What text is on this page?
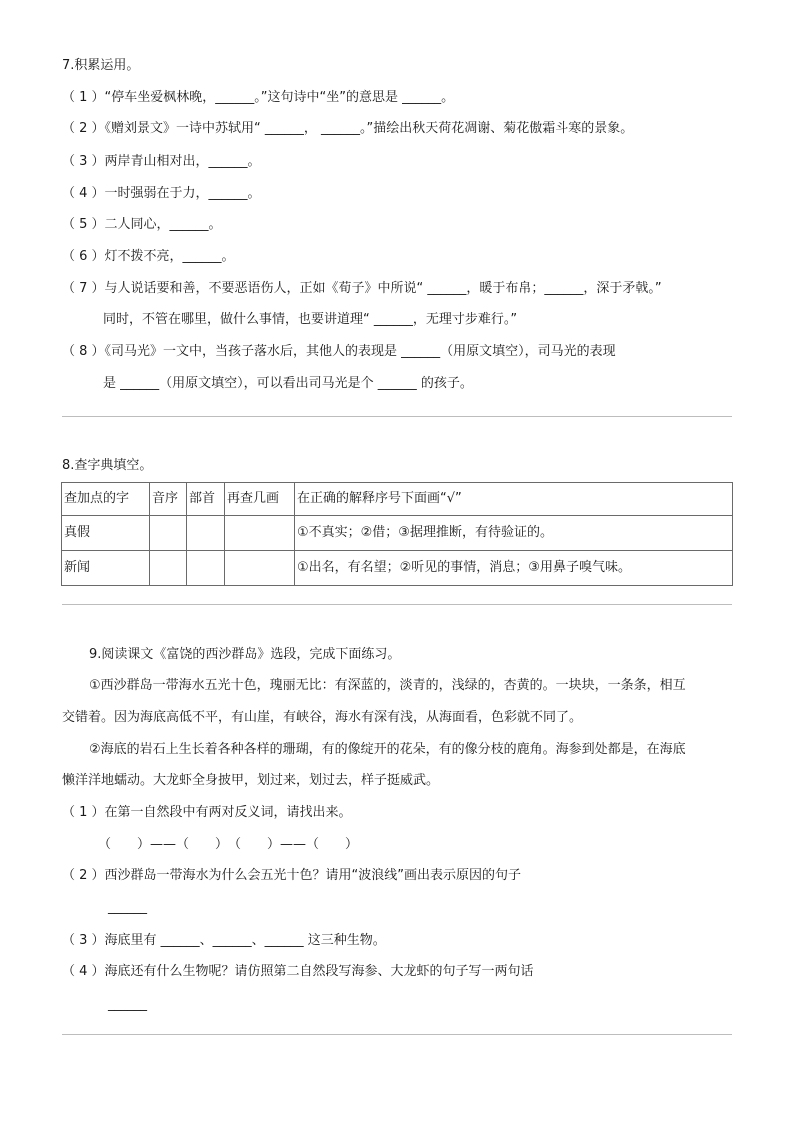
7.积累运用。
（ 1 ）“停车坐爱枫林晚，______。”这句诗中“坐”的意思是 ______。
（ 2 ）《赠刘景文》一诗中苏轼用“ ______， ______。”描绘出秋天荷花凋谢、菊花傲霜斗寒的景象。
（ 3 ）两岸青山相对出，______。
（ 4 ）一时强弱在于力，______。
（ 5 ）二人同心，______。
（ 6 ）灯不拨不亮，______。
（ 7 ）与人说话要和善，不要恶语伤人，正如《荀子》中所说“ ______，暖于布帛；______，深于矛戟。”
同时，不管在哪里，做什么事情，也要讲道理“ ______，无理寸步难行。”
（ 8 ）《司马光》一文中，当孩子落水后，其他人的表现是 ______（用原文填空），司马光的表现
是 ______（用原文填空），可以看出司马光是个 ______ 的孩子。
8.查字典填空。
查加点的字	音序	部首	再查几画	在正确的解释序号下面画“√”
真假				①不真实；②借；③据理推断，有待验证的。
新闻				①出名，有名望；②听见的事情，消息；③用鼻子嗅气味。
9.阅读课文《富饶的西沙群岛》选段，完成下面练习。
①西沙群岛一带海水五光十色，瑰丽无比：有深蓝的，淡青的，浅绿的，杏黄的。一块块，一条条，相互
交错着。因为海底高低不平，有山崖，有峡谷，海水有深有浅，从海面看，色彩就不同了。
②海底的岩石上生长着各种各样的珊瑚，有的像绽开的花朵，有的像分枝的鹿角。海参到处都是，在海底
懒洋洋地蠕动。大龙虾全身披甲，划过来，划过去，样子挺威武。
（ 1 ）在第一自然段中有两对反义词，请找出来。
（　　）——（　　）　（　　）——（　　）
（ 2 ）西沙群岛一带海水为什么会五光十色？请用“波浪线”画出表示原因的句子
______
（ 3 ）海底里有 ______、______、______ 这三种生物。
（ 4 ）海底还有什么生物呢？请仿照第二自然段写海参、大龙虾的句子写一两句话
______
